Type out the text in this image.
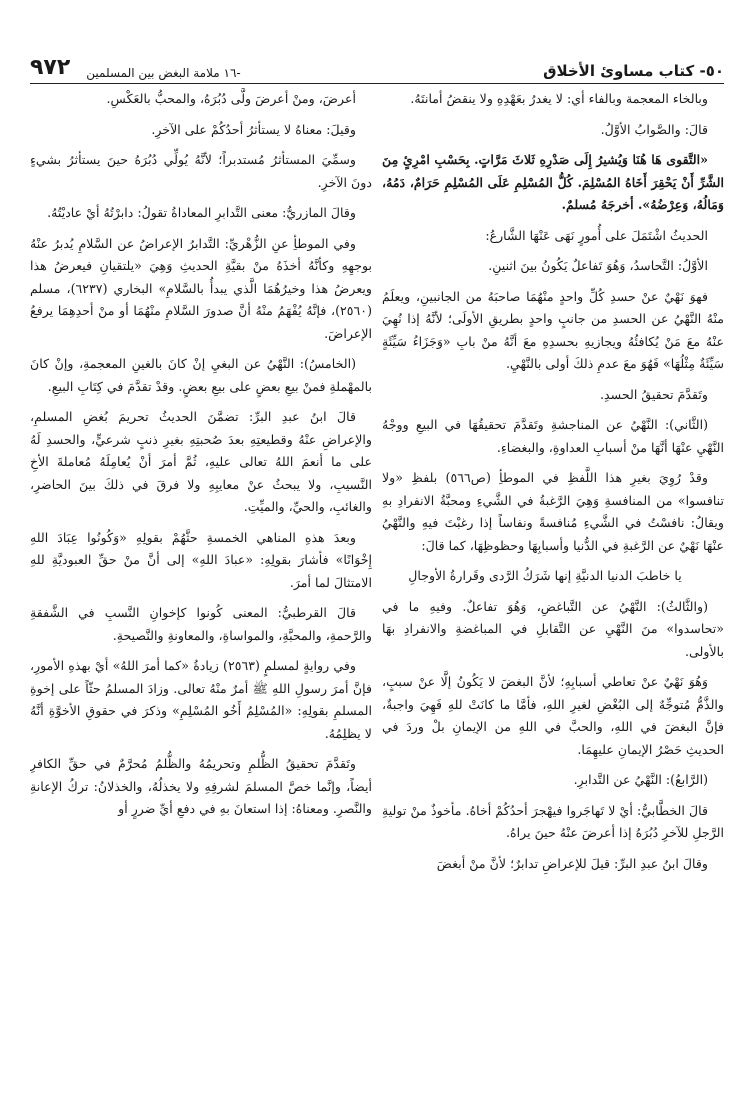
٥٠- كتاب مساوئ الأخلاق
-١٦ ملامة البغض بين المسلمين
٩٧٢

وبالخاء المعجمة وبالفاء أي: لا يغدرُ بعَهْدِهِ ولا ينقضُ أمانتَهُ.

قالَ: والصَّوابُ الأوَّلُ.

«التَّقوى هَا هُنَا وَيُشيرُ إِلَى صَدْرِهِ ثَلاثَ مَرَّاتٍ. بِحَسْبِ امْرِئٍ مِنَ الشَّرِّ أَنْ يَحْقِرَ أَخَاهُ المُسْلِمَ. كُلُّ المُسْلِمِ عَلَى المُسْلِمِ حَرَامٌ، دَمُهُ، وَمَالُهُ، وَعِرْضُهُ». أخرجَهُ مُسلمٌ.

الحديثُ اشْتَمَلَ على أُمورٍ نَهَى عَنْهَا الشَّارعُ:

الأوَّلُ: التَّحاسدُ، وَهُوَ تَفاعلٌ يَكُونُ بينَ اثنينِ.

فهوَ نَهْيٌ عنْ حسدِ كُلِّ واحدٍ منْهُمَا صاحبَهُ من الجانبينِ، ويعلَمُ منْهُ النَّهْيُ عن الحسدِ من جانبٍ واحدٍ بطريقِ الأولَى؛ لأنَّهُ إذا نُهِيَ عنْهُ معَ مَنْ يُكافئُهُ ويجازيهِ بحسدِهِ معَ أنَّهُ منْ بابِ «وَجَزَاءُ سَيِّئَةٍ سَيِّئَةٌ مِثْلُهَا» فَهُوَ معَ عدمِ ذلكَ أولى بالنَّهْيِ.

وتَقدَّمَ تحقيقُ الحسدِ.

(الثَّاني): النَّهْيُ عن المناجشةِ وتَقدَّمَ تحقيقُهَا في البيعِ ووجْهُ النَّهْيِ عنْهَا أنَّهَا منْ أسبابِ العداوةِ، والبغضاءِ.

وقدْ رُوِيَ بغيرِ هذا اللَّفظِ في الموطأِ (ص٥٦٦) بلفظِ «ولا تنافسوا» من المنافسةِ وَهِيَ الرَّغبةُ في الشَّيءِ ومحبَّةُ الانفرادِ بهِ ويقالُ: نافسْتُ في الشَّيءِ مُنافسةً ونفاساً إذا رغبْتَ فيهِ والنَّهْيُ عنْهَا نَهْيٌ عن الرَّغبةِ في الدُّنيا وأسبابِهَا وحظوظِهَا، كما قالَ:

يا خاطبَ الدنيا الدنيَّةِ إنها شَرَكُ الرَّدى وقَرارةُ الأوجالِ

(والثَّالثُ): النَّهْيُ عن التَّباغضِ، وَهُوَ تفاعلٌ. وفيهِ ما في «تحاسدوا» منَ النَّهْيِ عن التَّقابلِ في المباغضةِ والانفرادِ بهَا بالأولى.

وَهُوَ نَهْيٌ عنْ تعاطي أسبابِهِ؛ لأنَّ البغضَ لا يَكُونُ إلَّا عنْ سببٍ، والذَّمُّ مُتوجِّهٌ إلى البُغْضِ لغيرِ اللهِ، فأمَّا ما كانَتْ للهِ فَهِيَ واجبةٌ، فإنَّ البغضَ في اللهِ، والحبَّ في اللهِ من الإيمانِ بلْ وردَ في الحديثِ حَصْرُ الإيمانِ عليهِمَا.

(الرَّابعُ): النَّهْيُ عن التَّدابرِ.

قالَ الخطَّابيُّ: أيْ لا تَهاجَروا فيهْجرَ أحدُكُمْ أخاهُ. مأخوذٌ منْ توليةِ الرَّجلِ للآخرِ دُبُرَهُ إذا أعرضَ عنْهُ حينَ يراهُ.

وقالَ ابنُ عبدِ البرِّ: قيلَ للإعراضِ تدابرٌ؛ لأنَّ منْ أبغضَ

أعرضَ، ومنْ أعرضَ ولَّى دُبُرَهُ، والمحبُّ بالعَكْسِ.

وقيلَ: معناهُ لا يستأثرُ أحدُكُمْ على الآخرِ.

وسمِّيَ المستأثرُ مُستدبراً؛ لأنَّهُ يُولِّي دُبُرَهُ حينَ يستأثرُ بشيءٍ دونَ الآخرِ.

وقالَ المازريُّ: معنى التَّدابرِ المعاداةُ تقولُ: دابرْتُهُ أيْ عاديْتُهُ.

وفي الموطأِ عنِ الزُّهْريِّ: التَّدابرُ الإعراضُ عن السَّلامِ يُدبرُ عنْهُ بوجهِهِ وكأنَّهُ أخذَهُ منْ بقيَّةِ الحديثِ وَهِيَ «يلتقيانِ فيعرضُ هذا ويعرضُ هذا وخيرُهُمَا الَّذي يبدأُ بالسَّلامِ» البخاري (٦٢٣٧)، مسلم (٢٥٦٠)، فإنَّهُ يُفْهَمُ منْهُ أنَّ صدورَ السَّلامِ منْهُمَا أو منْ أحدِهِمَا يرفعُ الإعراضَ.

(الخامسُ): النَّهْيُ عن البغيِ إنْ كانَ بالغينِ المعجمةِ، وإنْ كانَ بالمهْملةِ فمنْ بيعِ بعضٍ على بيعِ بعضٍ. وقدْ تقدَّمَ في كِتَابِ البيعِ.

قالَ ابنُ عبدِ البرِّ: تضمَّنَ الحديثُ تحريمَ بُغضِ المسلمِ، والإعراضِ عنْهُ وقطيعتِهِ بعدَ صُحبتِهِ بغيرِ ذنبٍ شرعيٍّ، والحسدِ لَهُ على ما أنعمَ اللهُ تعالى عليهِ، ثُمَّ أمرَ أنْ يُعامِلَهُ مُعاملةَ الأخِ النَّسيبِ، ولا يبحثُ عنْ معايبِهِ ولا فرقَ في ذلكَ بينَ الحاضرِ، والغائبِ، والحيِّ، والميِّتِ.

وبعدَ هذهِ المناهي الخمسةِ حثَّهُمْ بقولِهِ «وَكُونُوا عِبَادَ اللهِ إِخْوَانًا» فأشارَ بقولِهِ: «عبادَ اللهِ» إلى أنَّ منْ حقِّ العبوديَّةِ للهِ الامتثالَ لما أمرَ.

قالَ القرطبيُّ: المعنى كُونوا كإخوانِ النَّسبِ في الشَّفقةِ والرَّحمةِ، والمحبَّةِ، والمواساةِ، والمعاونةِ والنَّصيحةِ.

وفي روايةٍ لمسلمٍ (٢٥٦٣) زيادةُ «كما أمرَ اللهُ» أيْ بهذهِ الأمورِ، فإنَّ أمرَ رسولِ اللهِ ﷺ أمرٌ منْهُ تعالى. وزادَ المسلمُ حثّاً على إخوةِ المسلمِ بقولِهِ: «المُسْلِمُ أَخُو المُسْلِمِ» وذكرَ في حقوقِ الأخوَّةِ أنَّهُ لا يظلِمُهُ.

وتَقدَّمَ تحقيقُ الظُّلمِ وتحريمُهُ والظُّلمُ مُحرَّمٌ في حقِّ الكافرِ أيضاً، وإنَّما خصَّ المسلمَ لشرفِهِ ولا يخذلُهُ، والخذلانُ: تركُ الإعانةِ والنَّصرِ. ومعناهُ: إذا استعانَ بهِ في دفعِ أيِّ ضررٍ أو
